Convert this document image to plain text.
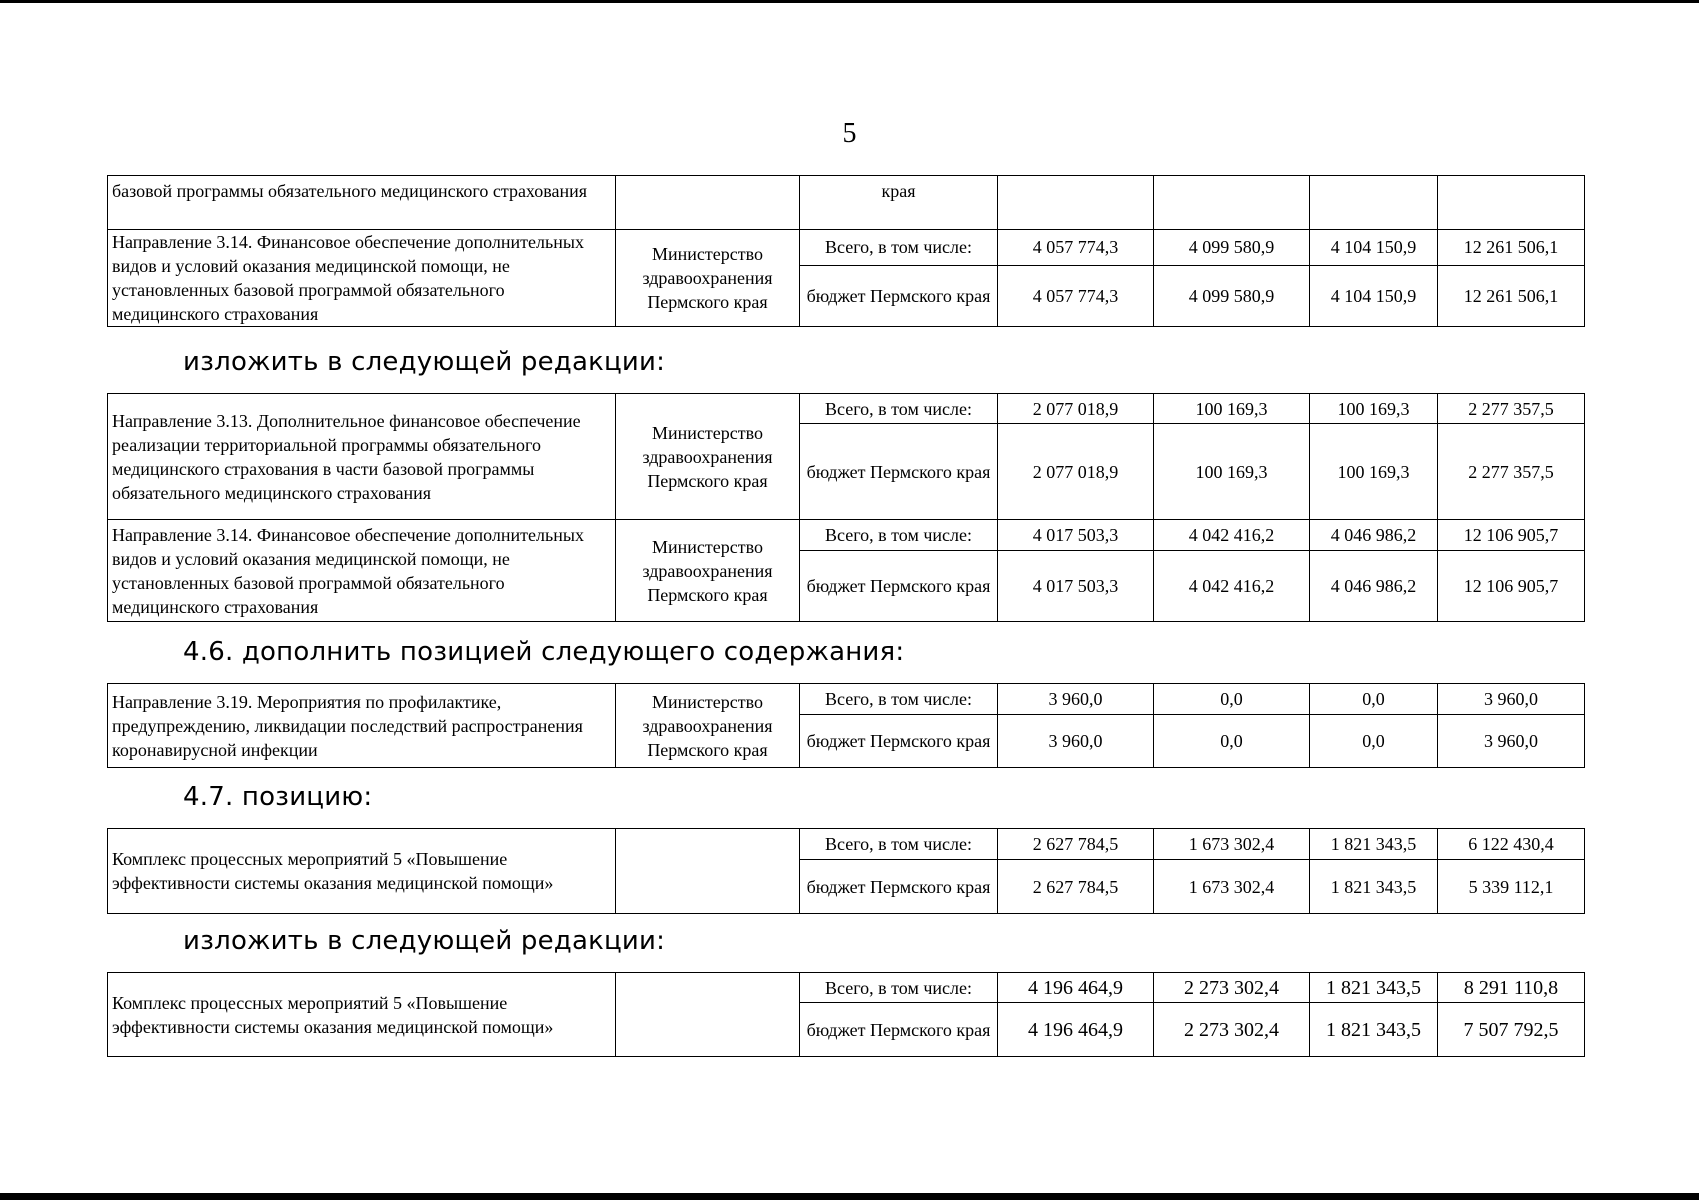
5
базовой программы обязательного медицинского страхования		края				
Направление 3.14. Финансовое обеспечение дополнительных видов и условий оказания медицинской помощи, не установленных базовой программой обязательного медицинского страхования	Министерство здравоохранения Пермского края	Всего, в том числе:	4 057 774,3	4 099 580,9	4 104 150,9	12 261 506,1
		бюджет Пермского края	4 057 774,3	4 099 580,9	4 104 150,9	12 261 506,1
изложить в следующей редакции:
Направление 3.13. Дополнительное финансовое обеспечение реализации территориальной программы обязательного медицинского страхования в части базовой программы обязательного медицинского страхования	Министерство здравоохранения Пермского края	Всего, в том числе:	2 077 018,9	100 169,3	100 169,3	2 277 357,5
		бюджет Пермского края	2 077 018,9	100 169,3	100 169,3	2 277 357,5
Направление 3.14. Финансовое обеспечение дополнительных видов и условий оказания медицинской помощи, не установленных базовой программой обязательного медицинского страхования	Министерство здравоохранения Пермского края	Всего, в том числе:	4 017 503,3	4 042 416,2	4 046 986,2	12 106 905,7
		бюджет Пермского края	4 017 503,3	4 042 416,2	4 046 986,2	12 106 905,7
4.6. дополнить позицией следующего содержания:
Направление 3.19. Мероприятия по профилактике, предупреждению, ликвидации последствий распространения коронавирусной инфекции	Министерство здравоохранения Пермского края	Всего, в том числе:	3 960,0	0,0	0,0	3 960,0
		бюджет Пермского края	3 960,0	0,0	0,0	3 960,0
4.7. позицию:
Комплекс процессных мероприятий 5 «Повышение эффективности системы оказания медицинской помощи»		Всего, в том числе:	2 627 784,5	1 673 302,4	1 821 343,5	6 122 430,4
		бюджет Пермского края	2 627 784,5	1 673 302,4	1 821 343,5	5 339 112,1
изложить в следующей редакции:
Комплекс процессных мероприятий 5 «Повышение эффективности системы оказания медицинской помощи»		Всего, в том числе:	4 196 464,9	2 273 302,4	1 821 343,5	8 291 110,8
		бюджет Пермского края	4 196 464,9	2 273 302,4	1 821 343,5	7 507 792,5
